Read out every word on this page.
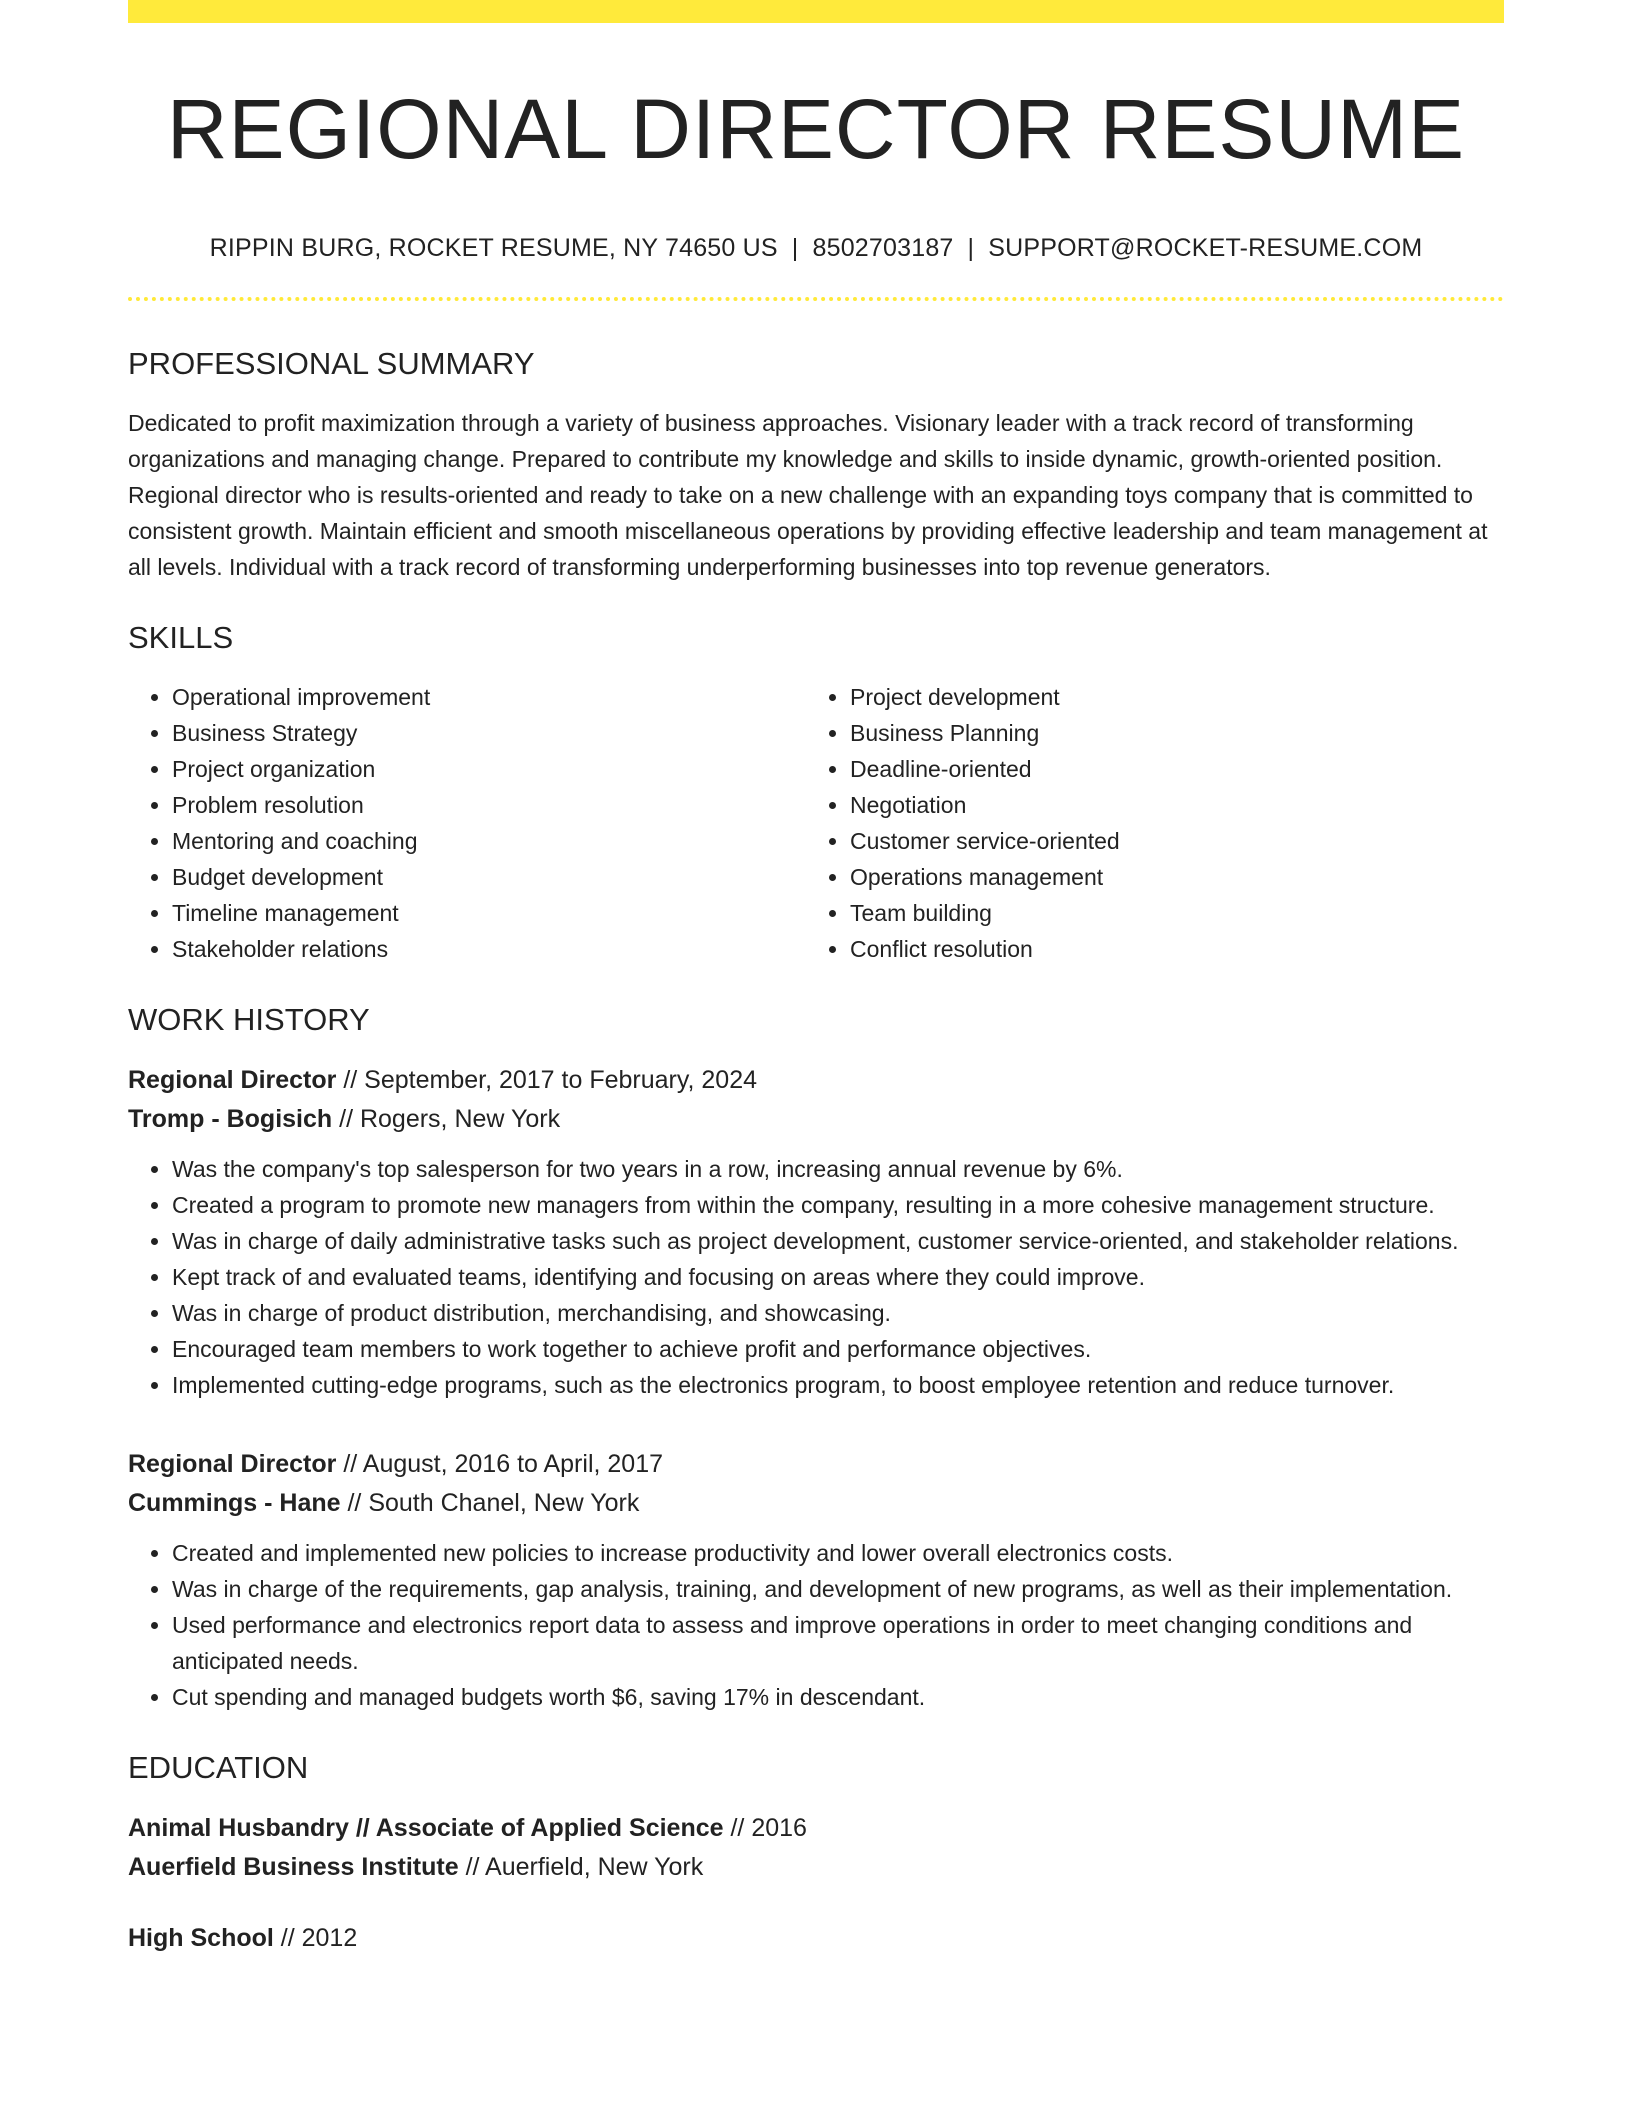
REGIONAL DIRECTOR RESUME
RIPPIN BURG, ROCKET RESUME, NY 74650 US | 8502703187 | SUPPORT@ROCKET-RESUME.COM
PROFESSIONAL SUMMARY

Dedicated to profit maximization through a variety of business approaches. Visionary leader with a track record of transforming organizations and managing change. Prepared to contribute my knowledge and skills to inside dynamic, growth-oriented position. Regional director who is results-oriented and ready to take on a new challenge with an expanding toys company that is committed to consistent growth. Maintain efficient and smooth miscellaneous operations by providing effective leadership and team management at all levels. Individual with a track record of transforming underperforming businesses into top revenue generators.

SKILLS
• Operational improvement
• Business Strategy
• Project organization
• Problem resolution
• Mentoring and coaching
• Budget development
• Timeline management
• Stakeholder relations
• Project development
• Business Planning
• Deadline-oriented
• Negotiation
• Customer service-oriented
• Operations management
• Team building
• Conflict resolution
WORK HISTORY
Regional Director // September, 2017 to February, 2024
Tromp - Bogisich // Rogers, New York
• Was the company's top salesperson for two years in a row, increasing annual revenue by 6%.
• Created a program to promote new managers from within the company, resulting in a more cohesive management structure.
• Was in charge of daily administrative tasks such as project development, customer service-oriented, and stakeholder relations.
• Kept track of and evaluated teams, identifying and focusing on areas where they could improve.
• Was in charge of product distribution, merchandising, and showcasing.
• Encouraged team members to work together to achieve profit and performance objectives.
• Implemented cutting-edge programs, such as the electronics program, to boost employee retention and reduce turnover.
Regional Director // August, 2016 to April, 2017
Cummings - Hane // South Chanel, New York
• Created and implemented new policies to increase productivity and lower overall electronics costs.
• Was in charge of the requirements, gap analysis, training, and development of new programs, as well as their implementation.
• Used performance and electronics report data to assess and improve operations in order to meet changing conditions and anticipated needs.
• Cut spending and managed budgets worth $6, saving 17% in descendant.
EDUCATION
Animal Husbandry // Associate of Applied Science // 2016
Auerfield Business Institute // Auerfield, New York
High School // 2012
